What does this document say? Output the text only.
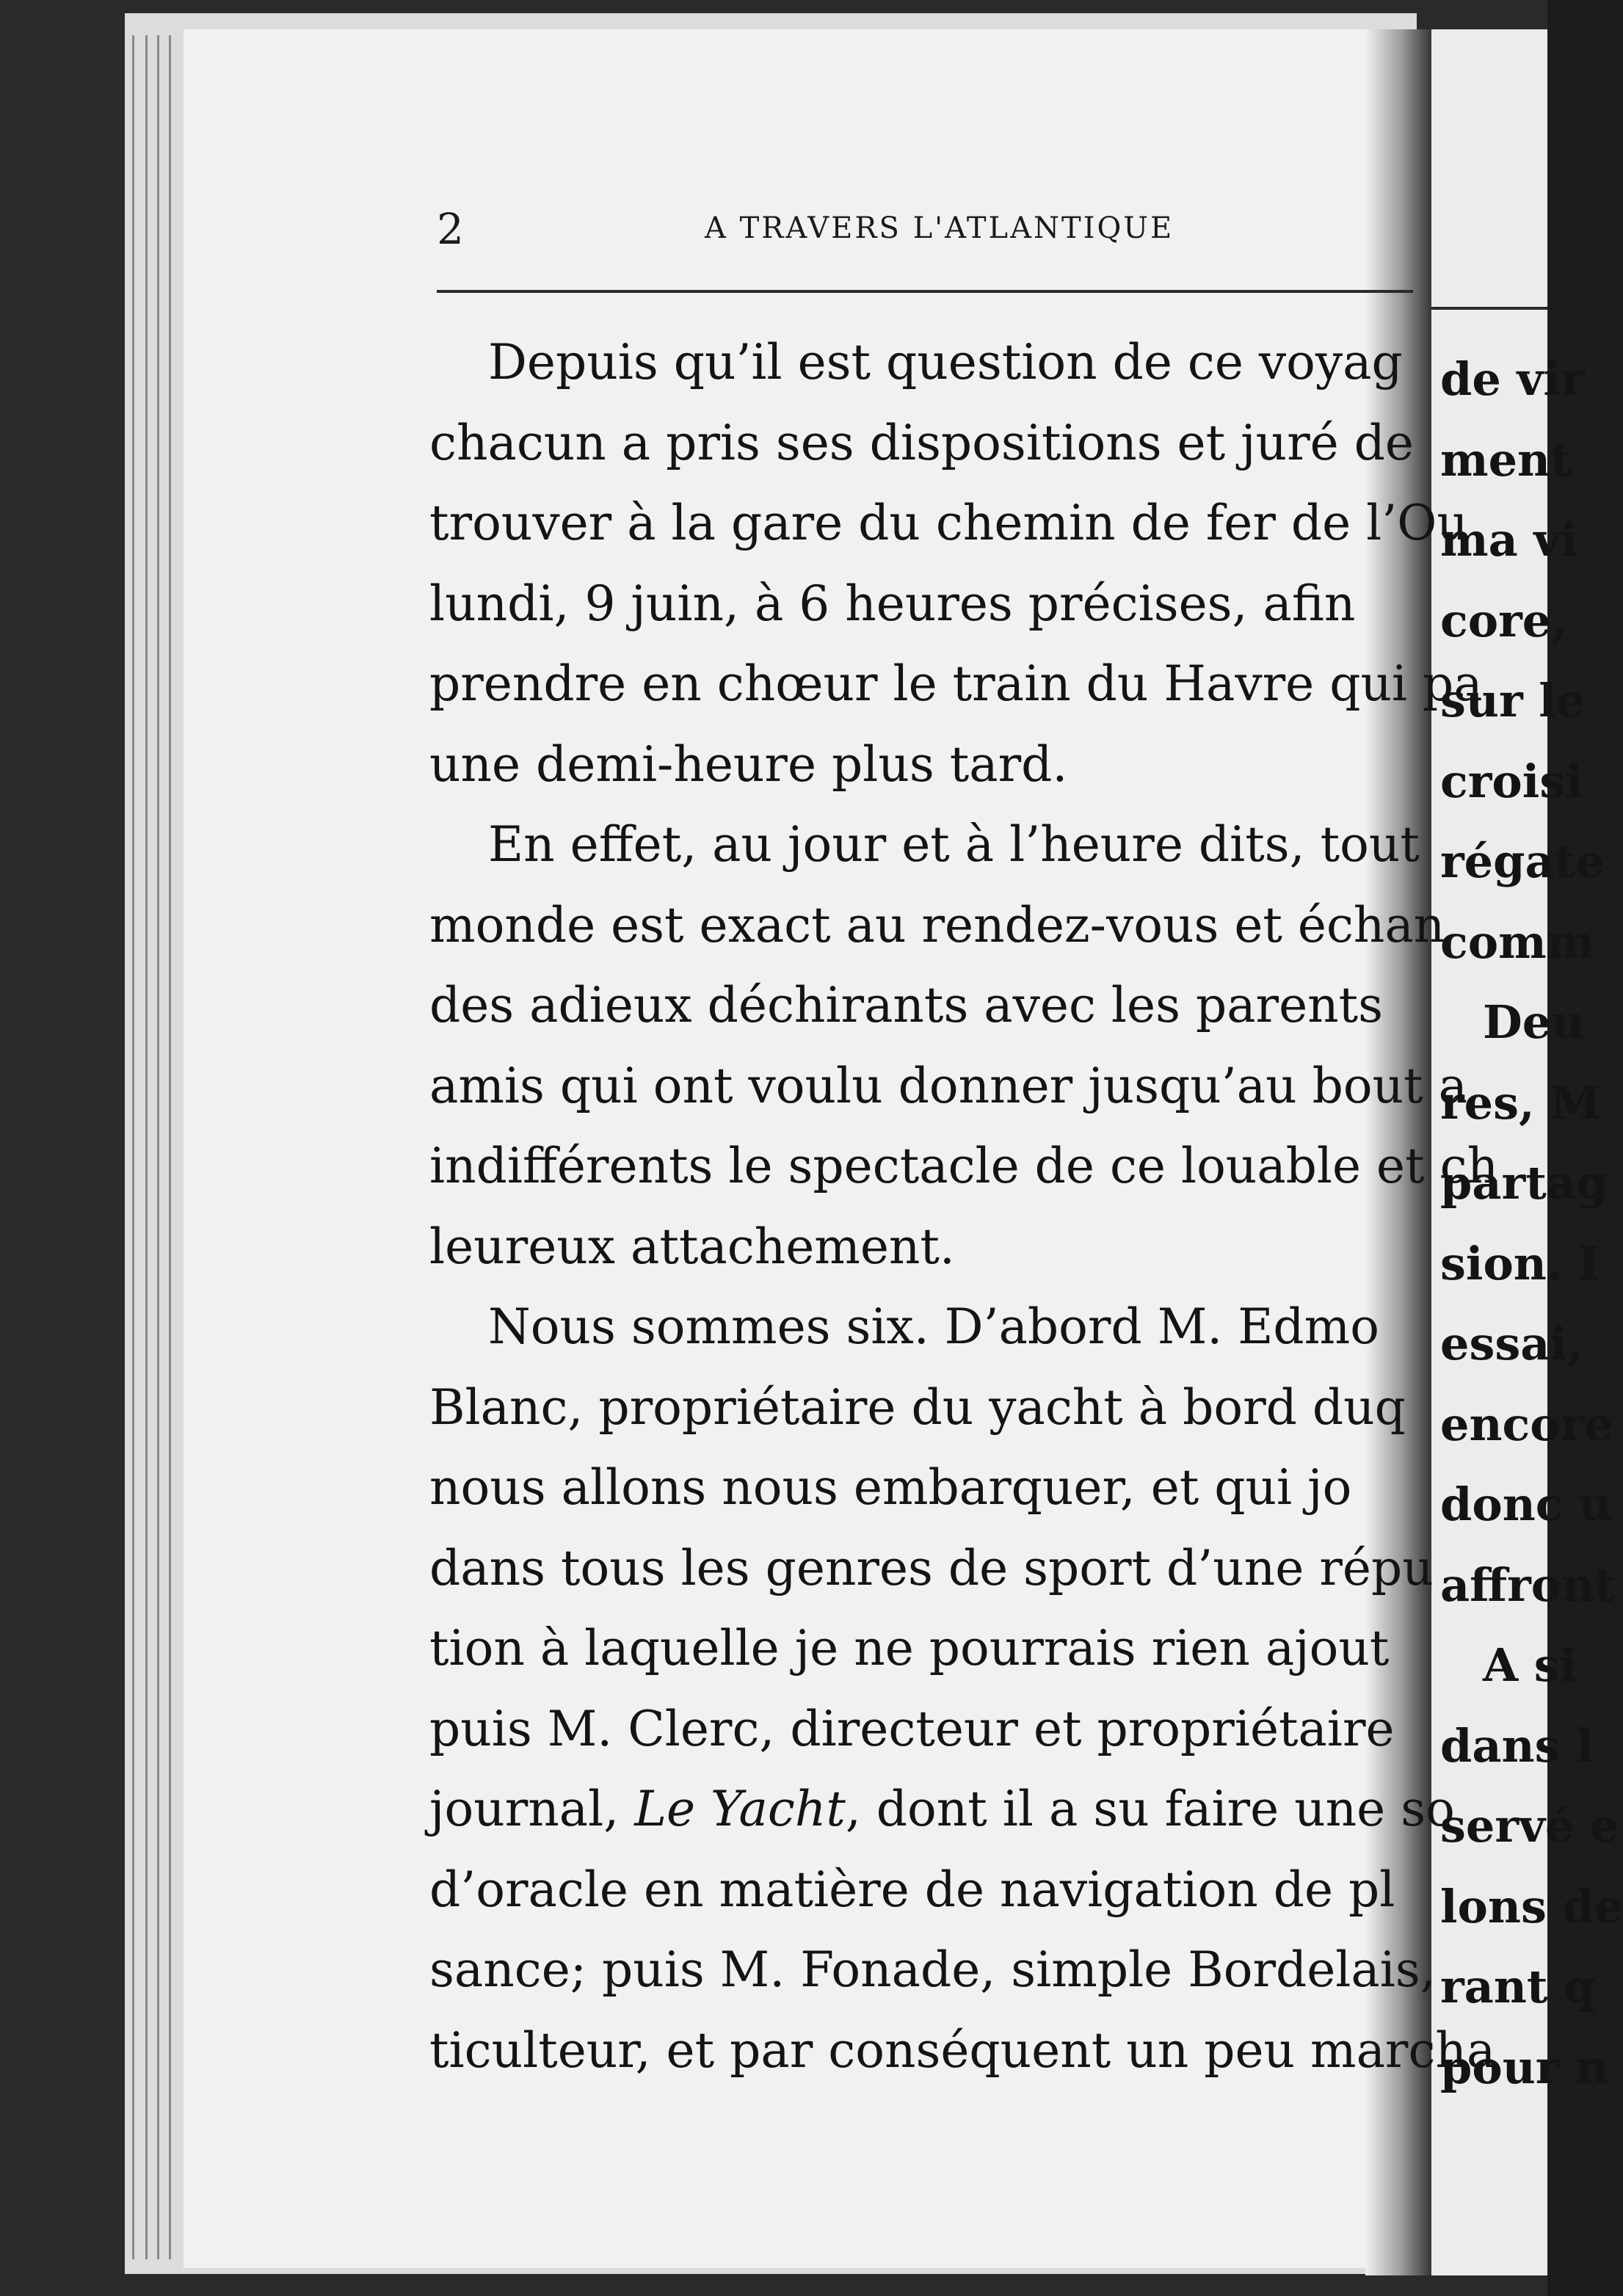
de vir
ment
ma vi
core,
sur le
croisi
régate
comm
Deu
res, M
partag
sion. I
essai,
encore
donc u
affront
A si
dans l
servé e
lons de
rant q
pour n
2	A TRAVERS L'ATLANTIQUE
Depuis qu’il est question de ce voyag
chacun a pris ses dispositions et juré de
trouver à la gare du chemin de fer de l’Ou
lundi, 9 juin, à 6 heures précises, afin
prendre en chœur le train du Havre qui pa
une demi-heure plus tard.
En effet, au jour et à l’heure dits, tout
monde est exact au rendez-vous et échan
des adieux déchirants avec les parents
amis qui ont voulu donner jusqu’au bout a
indifférents le spectacle de ce louable et ch
leureux attachement.
Nous sommes six. D’abord M. Edmo
Blanc, propriétaire du yacht à bord duq
nous allons nous embarquer, et qui jo
dans tous les genres de sport d’une répu
tion à laquelle je ne pourrais rien ajout
puis M. Clerc, directeur et propriétaire
journal, Le Yacht, dont il a su faire une so
d’oracle en matière de navigation de pl
sance; puis M. Fonade, simple Bordelais,
ticulteur, et par conséquent un peu marcha
